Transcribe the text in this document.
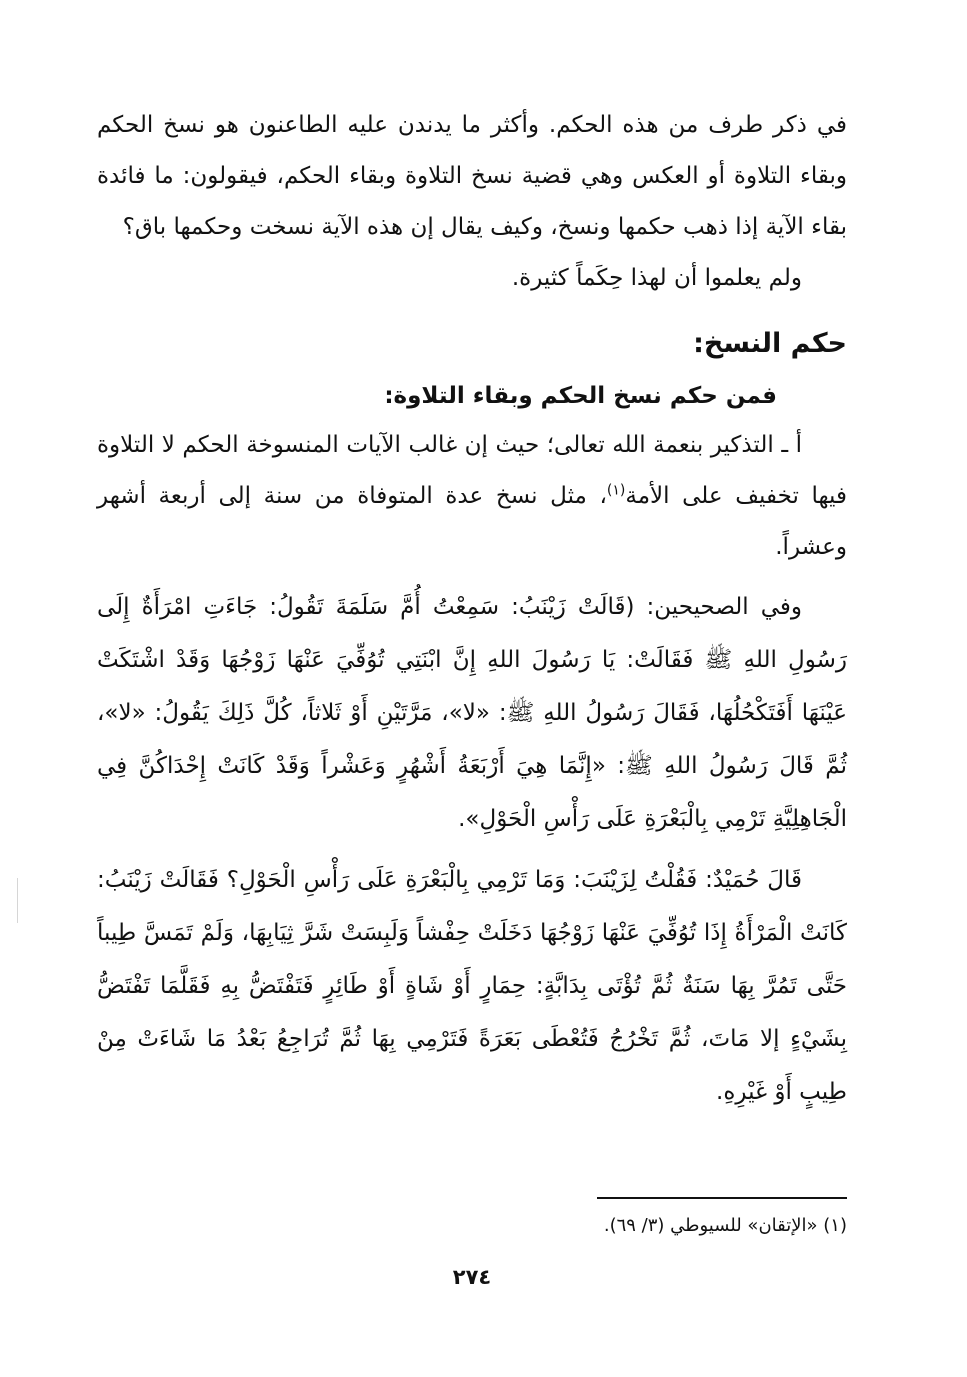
في ذكر طرف من هذه الحكم. وأكثر ما يدندن عليه الطاعنون هو نسخ الحكم وبقاء التلاوة أو العكس وهي قضية نسخ التلاوة وبقاء الحكم، فيقولون: ما فائدة بقاء الآية إذا ذهب حكمها ونسخ، وكيف يقال إن هذه الآية نسخت وحكمها باق؟

ولم يعلموا أن لهذا حِكَماً كثيرة.

حكم النسخ:
فمن حكم نسخ الحكم وبقاء التلاوة:

أ ـ التذكير بنعمة الله تعالى؛ حيث إن غالب الآيات المنسوخة الحكم لا التلاوة فيها تخفيف على الأمة$^{(١)}$، مثل نسخ عدة المتوفاة من سنة إلى أربعة أشهر وعشراً.

وفي الصحيحين: (قَالَتْ زَيْنَبُ: سَمِعْتُ أُمَّ سَلَمَةَ تَقُولُ: جَاءَتِ امْرَأَةٌ إِلَى رَسُولِ اللهِ ﷺ فَقَالَتْ: يَا رَسُولَ اللهِ إِنَّ ابْنَتِي تُوُفِّيَ عَنْهَا زَوْجُهَا وَقَدْ اشْتَكَتْ عَيْنَهَا أَفَتَكْحُلُهَا، فَقَالَ رَسُولُ اللهِ ﷺ: «لا»، مَرَّتَيْنِ أَوْ ثَلاثاً، كُلَّ ذَلِكَ يَقُولُ: «لا»، ثُمَّ قَالَ رَسُولُ اللهِ ﷺ: «إِنَّمَا هِيَ أَرْبَعَةُ أَشْهُرٍ وَعَشْراً وَقَدْ كَانَتْ إِحْدَاكُنَّ فِي الْجَاهِلِيَّةِ تَرْمِي بِالْبَعْرَةِ عَلَى رَأْسِ الْحَوْلِ».

قَالَ حُمَيْدٌ: فَقُلْتُ لِزَيْنَبَ: وَمَا تَرْمِي بِالْبَعْرَةِ عَلَى رَأْسِ الْحَوْلِ؟ فَقَالَتْ زَيْنَبُ: كَانَتْ الْمَرْأَةُ إِذَا تُوُفِّيَ عَنْهَا زَوْجُهَا دَخَلَتْ حِفْشاً وَلَبِسَتْ شَرَّ ثِيَابِهَا، وَلَمْ تَمَسَّ طِيباً حَتَّى تَمُرَّ بِهَا سَنَةٌ ثُمَّ تُؤْتَى بِدَابَّةٍ: حِمَارٍ أَوْ شَاةٍ أَوْ طَائِرٍ فَتَفْتَضُّ بِهِ فَقَلَّمَا تَفْتَضُّ بِشَيْءٍ إلا مَاتَ، ثُمَّ تَخْرُجُ فَتُعْطَى بَعَرَةً فَتَرْمِي بِهَا ثُمَّ تُرَاجِعُ بَعْدُ مَا شَاءَتْ مِنْ طِيبٍ أَوْ غَيْرِهِ.

(١) «الإتقان» للسيوطي (٣/ ٦٩).

٢٧٤
